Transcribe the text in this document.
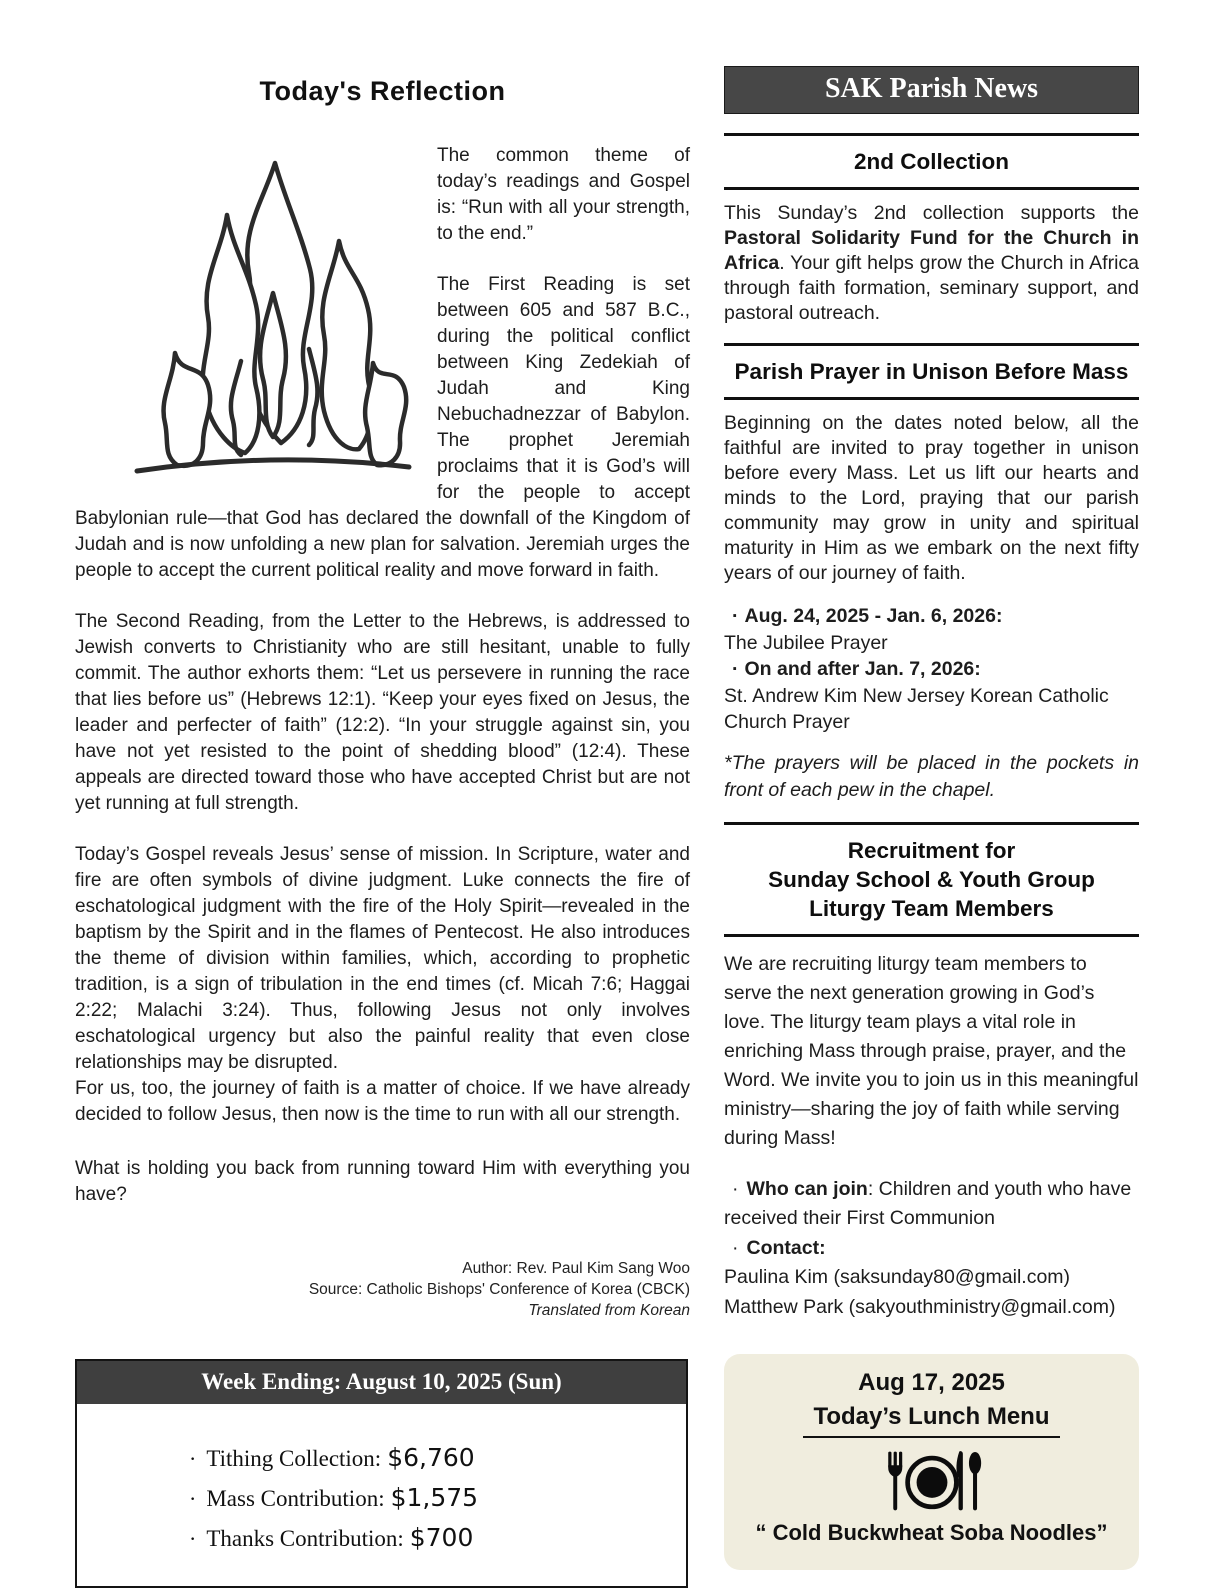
Today's Reflection

The common theme of today’s readings and Gospel is: “Run with all your strength, to the end.”

The First Reading is set between 605 and 587 B.C., during the political conflict between King Zedekiah of Judah and King Nebuchadnezzar of Babylon. The prophet Jeremiah proclaims that it is God’s will for the people to accept Babylonian rule—that God has declared the downfall of the Kingdom of Judah and is now unfolding a new plan for salvation. Jeremiah urges the people to accept the current political reality and move forward in faith.

The Second Reading, from the Letter to the Hebrews, is addressed to Jewish converts to Christianity who are still hesitant, unable to fully commit. The author exhorts them: “Let us persevere in running the race that lies before us” (Hebrews 12:1). “Keep your eyes fixed on Jesus, the leader and perfecter of faith” (12:2). “In your struggle against sin, you have not yet resisted to the point of shedding blood” (12:4). These appeals are directed toward those who have accepted Christ but are not yet running at full strength.

Today’s Gospel reveals Jesus’ sense of mission. In Scripture, water and fire are often symbols of divine judgment. Luke connects the fire of eschatological judgment with the fire of the Holy Spirit—revealed in the baptism by the Spirit and in the flames of Pentecost. He also introduces the theme of division within families, which, according to prophetic tradition, is a sign of tribulation in the end times (cf. Micah 7:6; Haggai 2:22; Malachi 3:24). Thus, following Jesus not only involves eschatological urgency but also the painful reality that even close relationships may be disrupted.

For us, too, the journey of faith is a matter of choice. If we have already decided to follow Jesus, then now is the time to run with all our strength.

What is holding you back from running toward Him with everything you have?

Author: Rev. Paul Kim Sang Woo
Source: Catholic Bishops' Conference of Korea (CBCK)
Translated from Korean
Week Ending: August 10, 2025 (Sun)
· Tithing Collection: $6,760
· Mass Contribution: $1,575
· Thanks Contribution: $700
SAK Parish News
2nd Collection

This Sunday’s 2nd collection supports the Pastoral Solidarity Fund for the Church in Africa. Your gift helps grow the Church in Africa through faith formation, seminary support, and pastoral outreach.

Parish Prayer in Unison Before Mass

Beginning on the dates noted below, all the faithful are invited to pray together in unison before every Mass. Let us lift our hearts and minds to the Lord, praying that our parish community may grow in unity and spiritual maturity in Him as we embark on the next fifty years of our journey of faith.

· Aug. 24, 2025 - Jan. 6, 2026:
The Jubilee Prayer
· On and after Jan. 7, 2026:
St. Andrew Kim New Jersey Korean Catholic Church Prayer

*The prayers will be placed in the pockets in front of each pew in the chapel.

Recruitment for
Sunday School & Youth Group
Liturgy Team Members

We are recruiting liturgy team members to serve the next generation growing in God’s love. The liturgy team plays a vital role in enriching Mass through praise, prayer, and the Word. We invite you to join us in this meaningful ministry—sharing the joy of faith while serving during Mass!

· Who can join: Children and youth who have received their First Communion
· Contact:
Paulina Kim (saksunday80@gmail.com)
Matthew Park (sakyouthministry@gmail.com)
Aug 17, 2025
Today’s Lunch Menu
“ Cold Buckwheat Soba Noodles”
